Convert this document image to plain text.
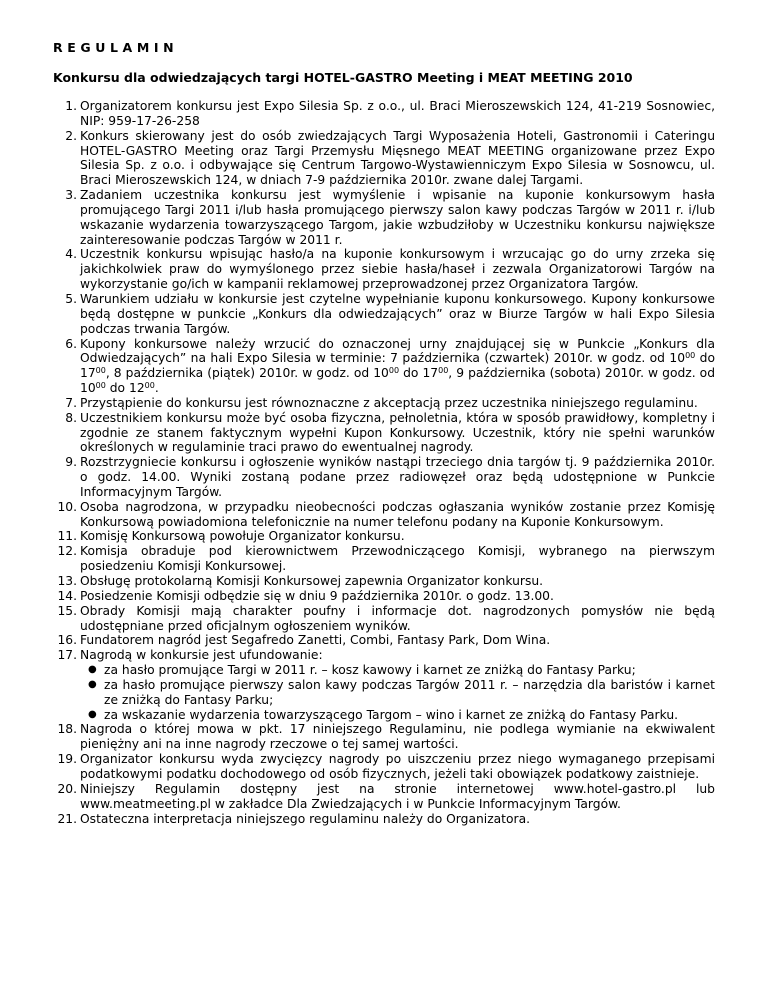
REGULAMIN
Konkursu dla odwiedzających targi HOTEL-GASTRO Meeting i MEAT MEETING 2010
1. Organizatorem konkursu jest Expo Silesia Sp. z o.o., ul. Braci Mieroszewskich 124, 41-219 Sosnowiec, NIP: 959-17-26-258
2. Konkurs skierowany jest do osób zwiedzających Targi Wyposażenia Hoteli, Gastronomii i Cateringu HOTEL-GASTRO Meeting oraz Targi Przemysłu Mięsnego MEAT MEETING organizowane przez Expo Silesia Sp. z o.o. i odbywające się Centrum Targowo-Wystawienniczym Expo Silesia w Sosnowcu, ul. Braci Mieroszewskich 124, w dniach 7-9 października 2010r. zwane dalej Targami.
3. Zadaniem uczestnika konkursu jest wymyślenie i wpisanie na kuponie konkursowym hasła promującego Targi 2011 i/lub hasła promującego pierwszy salon kawy podczas Targów w 2011 r. i/lub wskazanie wydarzenia towarzyszącego Targom, jakie wzbudziłoby w Uczestniku konkursu największe zainteresowanie podczas Targów w 2011 r.
4. Uczestnik konkursu wpisując hasło/a na kuponie konkursowym i wrzucając go do urny zrzeka się jakichkolwiek praw do wymyślonego przez siebie hasła/haseł i zezwala Organizatorowi Targów na wykorzystanie go/ich w kampanii reklamowej przeprowadzonej przez Organizatora Targów.
5. Warunkiem udziału w konkursie jest czytelne wypełnianie kuponu konkursowego. Kupony konkursowe będą dostępne w punkcie „Konkurs dla odwiedzających” oraz w Biurze Targów w hali Expo Silesia podczas trwania Targów.
6. Kupony konkursowe należy wrzucić do oznaczonej urny znajdującej się w Punkcie „Konkurs dla Odwiedzających” na hali Expo Silesia w terminie: 7 października (czwartek) 2010r. w godz. od $10^{00}$ do $17^{00}$, 8 października (piątek) 2010r. w godz. od $10^{00}$ do $17^{00}$, 9 października (sobota) 2010r. w godz. od $10^{00}$ do $12^{00}$.
7. Przystąpienie do konkursu jest równoznaczne z akceptacją przez uczestnika niniejszego regulaminu.
8. Uczestnikiem konkursu może być osoba fizyczna, pełnoletnia, która w sposób prawidłowy, kompletny i zgodnie ze stanem faktycznym wypełni Kupon Konkursowy. Uczestnik, który nie spełni warunków określonych w regulaminie traci prawo do ewentualnej nagrody.
9. Rozstrzygniecie konkursu i ogłoszenie wyników nastąpi trzeciego dnia targów tj. 9 października 2010r. o godz. 14.00. Wyniki zostaną podane przez radiowęzeł oraz będą udostępnione w Punkcie Informacyjnym Targów.
10. Osoba nagrodzona, w przypadku nieobecności podczas ogłaszania wyników zostanie przez Komisję Konkursową powiadomiona telefonicznie na numer telefonu podany na Kuponie Konkursowym.
11. Komisję Konkursową powołuje Organizator konkursu.
12. Komisja obraduje pod kierownictwem Przewodniczącego Komisji, wybranego na pierwszym posiedzeniu Komisji Konkursowej.
13. Obsługę protokolarną Komisji Konkursowej zapewnia Organizator konkursu.
14. Posiedzenie Komisji odbędzie się w dniu 9 października 2010r. o godz. 13.00.
15. Obrady Komisji mają charakter poufny i informacje dot. nagrodzonych pomysłów nie będą udostępniane przed oficjalnym ogłoszeniem wyników.
16. Fundatorem nagród jest Segafredo Zanetti, Combi, Fantasy Park, Dom Wina.
17. Nagrodą w konkursie jest ufundowanie:
● za hasło promujące Targi w 2011 r. – kosz kawowy i karnet ze zniżką do Fantasy Parku;
● za hasło promujące pierwszy salon kawy podczas Targów 2011 r. – narzędzia dla baristów i karnet ze zniżką do Fantasy Parku;
● za wskazanie wydarzenia towarzyszącego Targom – wino i karnet ze zniżką do Fantasy Parku.
18. Nagroda o której mowa w pkt. 17 niniejszego Regulaminu, nie podlega wymianie na ekwiwalent pieniężny ani na inne nagrody rzeczowe o tej samej wartości.
19. Organizator konkursu wyda zwycięzcy nagrody po uiszczeniu przez niego wymaganego przepisami podatkowymi podatku dochodowego od osób fizycznych, jeżeli taki obowiązek podatkowy zaistnieje.
20. Niniejszy Regulamin dostępny jest na stronie internetowej www.hotel-gastro.pl lub www.meatmeeting.pl w zakładce Dla Zwiedzających i w Punkcie Informacyjnym Targów.
21. Ostateczna interpretacja niniejszego regulaminu należy do Organizatora.
